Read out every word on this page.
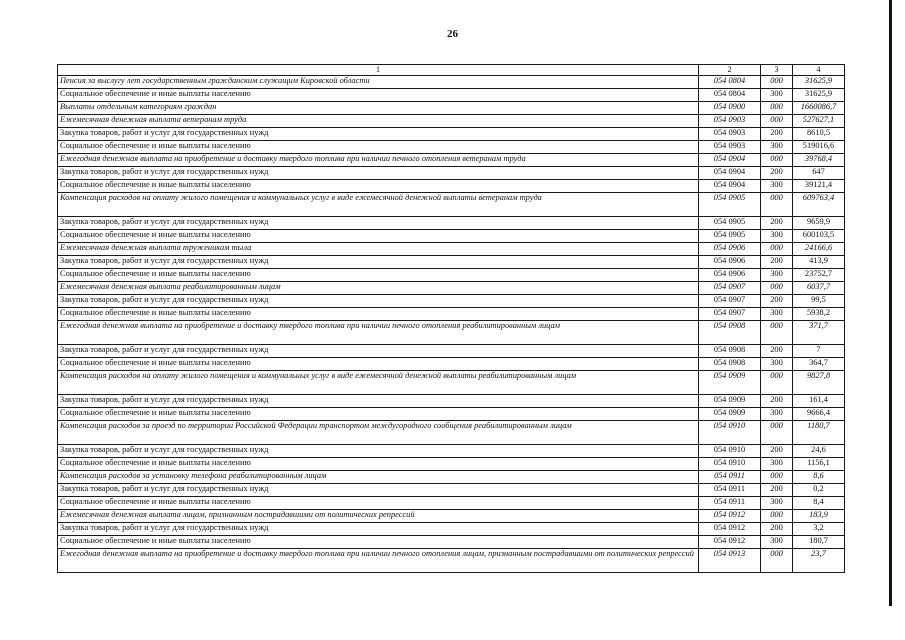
26
1	2	3	4
Пенсия за выслугу лет государственным гражданским служащим Кировской области	054 0804	000	31625,9
Социальное обеспечение и иные выплаты населению	054 0804	300	31625,9
Выплаты отдельным категориям граждан	054 0900	000	1660086,7
Ежемесячная денежная выплата ветеранам труда	054 0903	000	527627,1
Закупка товаров, работ и услуг для государственных нужд	054 0903	200	8610,5
Социальное обеспечение и иные выплаты населению	054 0903	300	519016,6
Ежегодная денежная выплата на приобретение и доставку твердого топлива при наличии печного отопления ветеранам труда	054 0904	000	39768,4
Закупка товаров, работ и услуг для государственных нужд	054 0904	200	647
Социальное обеспечение и иные выплаты населению	054 0904	300	39121,4
Компенсация расходов на оплату жилого помещения и коммунальных услуг в виде ежемесячной денежной выплаты ветеранам труда	054 0905	000	609763,4
Закупка товаров, работ и услуг для государственных нужд	054 0905	200	9659,9
Социальное обеспечение и иные выплаты населению	054 0905	300	600103,5
Ежемесячная денежная выплата труженикам тыла	054 0906	000	24166,6
Закупка товаров, работ и услуг для государственных нужд	054 0906	200	413,9
Социальное обеспечение и иные выплаты населению	054 0906	300	23752,7
Ежемесячная денежная выплата реабилитированным лицам	054 0907	000	6037,7
Закупка товаров, работ и услуг для государственных нужд	054 0907	200	99,5
Социальное обеспечение и иные выплаты населению	054 0907	300	5938,2
Ежегодная денежная выплата на приобретение и доставку твердого топлива при наличии печного отопления реабилитированным лицам	054 0908	000	371,7
Закупка товаров, работ и услуг для государственных нужд	054 0908	200	7
Социальное обеспечение и иные выплаты населению	054 0908	300	364,7
Компенсация расходов на оплату жилого помещения и коммунальных услуг в виде ежемесячной денежной выплаты реабилитированным лицам	054 0909	000	9827,8
Закупка товаров, работ и услуг для государственных нужд	054 0909	200	161,4
Социальное обеспечение и иные выплаты населению	054 0909	300	9666,4
Компенсация расходов за проезд по территории Российской Федерации транспортом междугородного сообщения реабилитированным лицам	054 0910	000	1180,7
Закупка товаров, работ и услуг для государственных нужд	054 0910	200	24,6
Социальное обеспечение и иные выплаты населению	054 0910	300	1156,1
Компенсация расходов за установку телефона реабилитированным лицам	054 0911	000	8,6
Закупка товаров, работ и услуг для государственных нужд	054 0911	200	0,2
Социальное обеспечение и иные выплаты населению	054 0911	300	8,4
Ежемесячная денежная выплата лицам, признанным пострадавшими от политических репрессий	054 0912	000	183,9
Закупка товаров, работ и услуг для государственных нужд	054 0912	200	3,2
Социальное обеспечение и иные выплаты населению	054 0912	300	180,7
Ежегодная денежная выплата на приобретение и доставку твердого топлива при наличии печного отопления лицам, признанным пострадавшими от политических репрессий	054 0913	000	23,7
